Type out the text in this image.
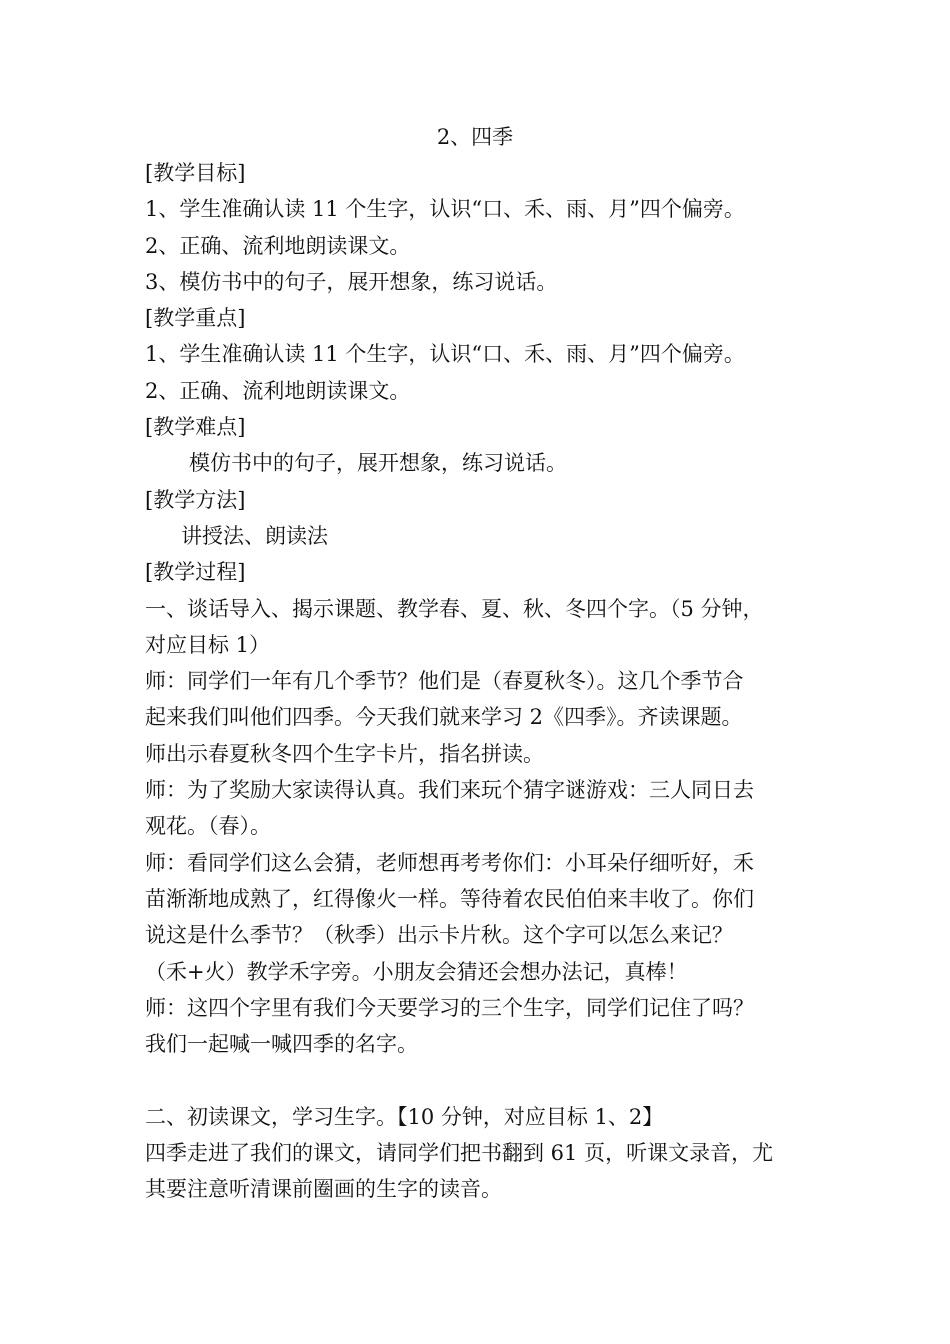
2、四季
[教学目标]
1、学生准确认读 11 个生字，认识“口、禾、雨、月”四个偏旁。
2、正确、流利地朗读课文。
3、模仿书中的句子，展开想象，练习说话。
[教学重点]
1、学生准确认读 11 个生字，认识“口、禾、雨、月”四个偏旁。
2、正确、流利地朗读课文。
[教学难点]
模仿书中的句子，展开想象，练习说话。
[教学方法]
讲授法、朗读法
[教学过程]
一、谈话导入、揭示课题、教学春、夏、秋、冬四个字。（5 分钟，
对应目标 1）
师：同学们一年有几个季节？他们是（春夏秋冬）。这几个季节合
起来我们叫他们四季。今天我们就来学习 2《四季》。齐读课题。
师出示春夏秋冬四个生字卡片，指名拼读。
师：为了奖励大家读得认真。我们来玩个猜字谜游戏：三人同日去
观花。（春）。
师：看同学们这么会猜，老师想再考考你们：小耳朵仔细听好，禾
苗渐渐地成熟了，红得像火一样。等待着农民伯伯来丰收了。你们
说这是什么季节？（秋季）出示卡片秋。这个字可以怎么来记？
（禾+火）教学禾字旁。小朋友会猜还会想办法记，真棒！
师：这四个字里有我们今天要学习的三个生字，同学们记住了吗？
我们一起喊一喊四季的名字。
二、初读课文，学习生字。【10 分钟，对应目标 1、2】
四季走进了我们的课文，请同学们把书翻到 61 页，听课文录音，尤
其要注意听清课前圈画的生字的读音。
